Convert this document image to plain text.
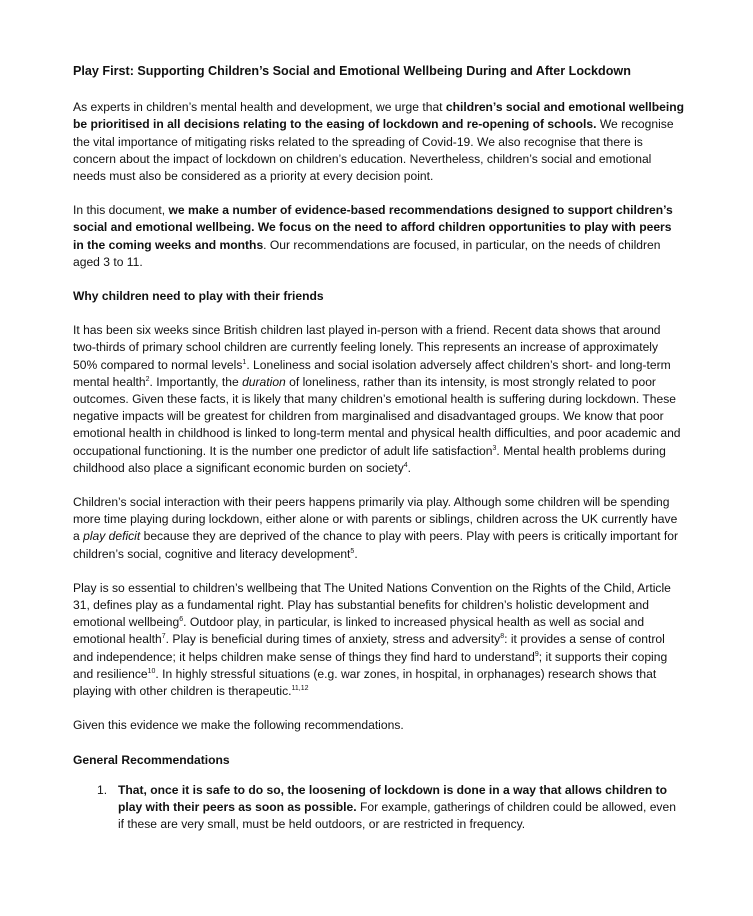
Play First: Supporting Children’s Social and Emotional Wellbeing During and After Lockdown

As experts in children’s mental health and development, we urge that children’s social and emotional wellbeing be prioritised in all decisions relating to the easing of lockdown and re-opening of schools. We recognise the vital importance of mitigating risks related to the spreading of Covid-19. We also recognise that there is concern about the impact of lockdown on children’s education. Nevertheless, children’s social and emotional needs must also be considered as a priority at every decision point.

In this document, we make a number of evidence-based recommendations designed to support children’s social and emotional wellbeing. We focus on the need to afford children opportunities to play with peers in the coming weeks and months. Our recommendations are focused, in particular, on the needs of children aged 3 to 11.

Why children need to play with their friends

It has been six weeks since British children last played in-person with a friend. Recent data shows that around two-thirds of primary school children are currently feeling lonely. This represents an increase of approximately 50% compared to normal levels$^1$. Loneliness and social isolation adversely affect children’s short- and long-term mental health$^2$. Importantly, the duration of loneliness, rather than its intensity, is most strongly related to poor outcomes. Given these facts, it is likely that many children’s emotional health is suffering during lockdown. These negative impacts will be greatest for children from marginalised and disadvantaged groups. We know that poor emotional health in childhood is linked to long-term mental and physical health difficulties, and poor academic and occupational functioning. It is the number one predictor of adult life satisfaction$^3$. Mental health problems during childhood also place a significant economic burden on society$^4$.

Children’s social interaction with their peers happens primarily via play. Although some children will be spending more time playing during lockdown, either alone or with parents or siblings, children across the UK currently have a play deficit because they are deprived of the chance to play with peers. Play with peers is critically important for children’s social, cognitive and literacy development$^5$.

Play is so essential to children’s wellbeing that The United Nations Convention on the Rights of the Child, Article 31, defines play as a fundamental right. Play has substantial benefits for children’s holistic development and emotional wellbeing$^6$. Outdoor play, in particular, is linked to increased physical health as well as social and emotional health$^7$. Play is beneficial during times of anxiety, stress and adversity$^8$: it provides a sense of control and independence; it helps children make sense of things they find hard to understand$^9$; it supports their coping and resilience$^{10}$. In highly stressful situations (e.g. war zones, in hospital, in orphanages) research shows that playing with other children is therapeutic.$^{11,12}$

Given this evidence we make the following recommendations.

General Recommendations
1. That, once it is safe to do so, the loosening of lockdown is done in a way that allows children to play with their peers as soon as possible. For example, gatherings of children could be allowed, even if these are very small, must be held outdoors, or are restricted in frequency.
